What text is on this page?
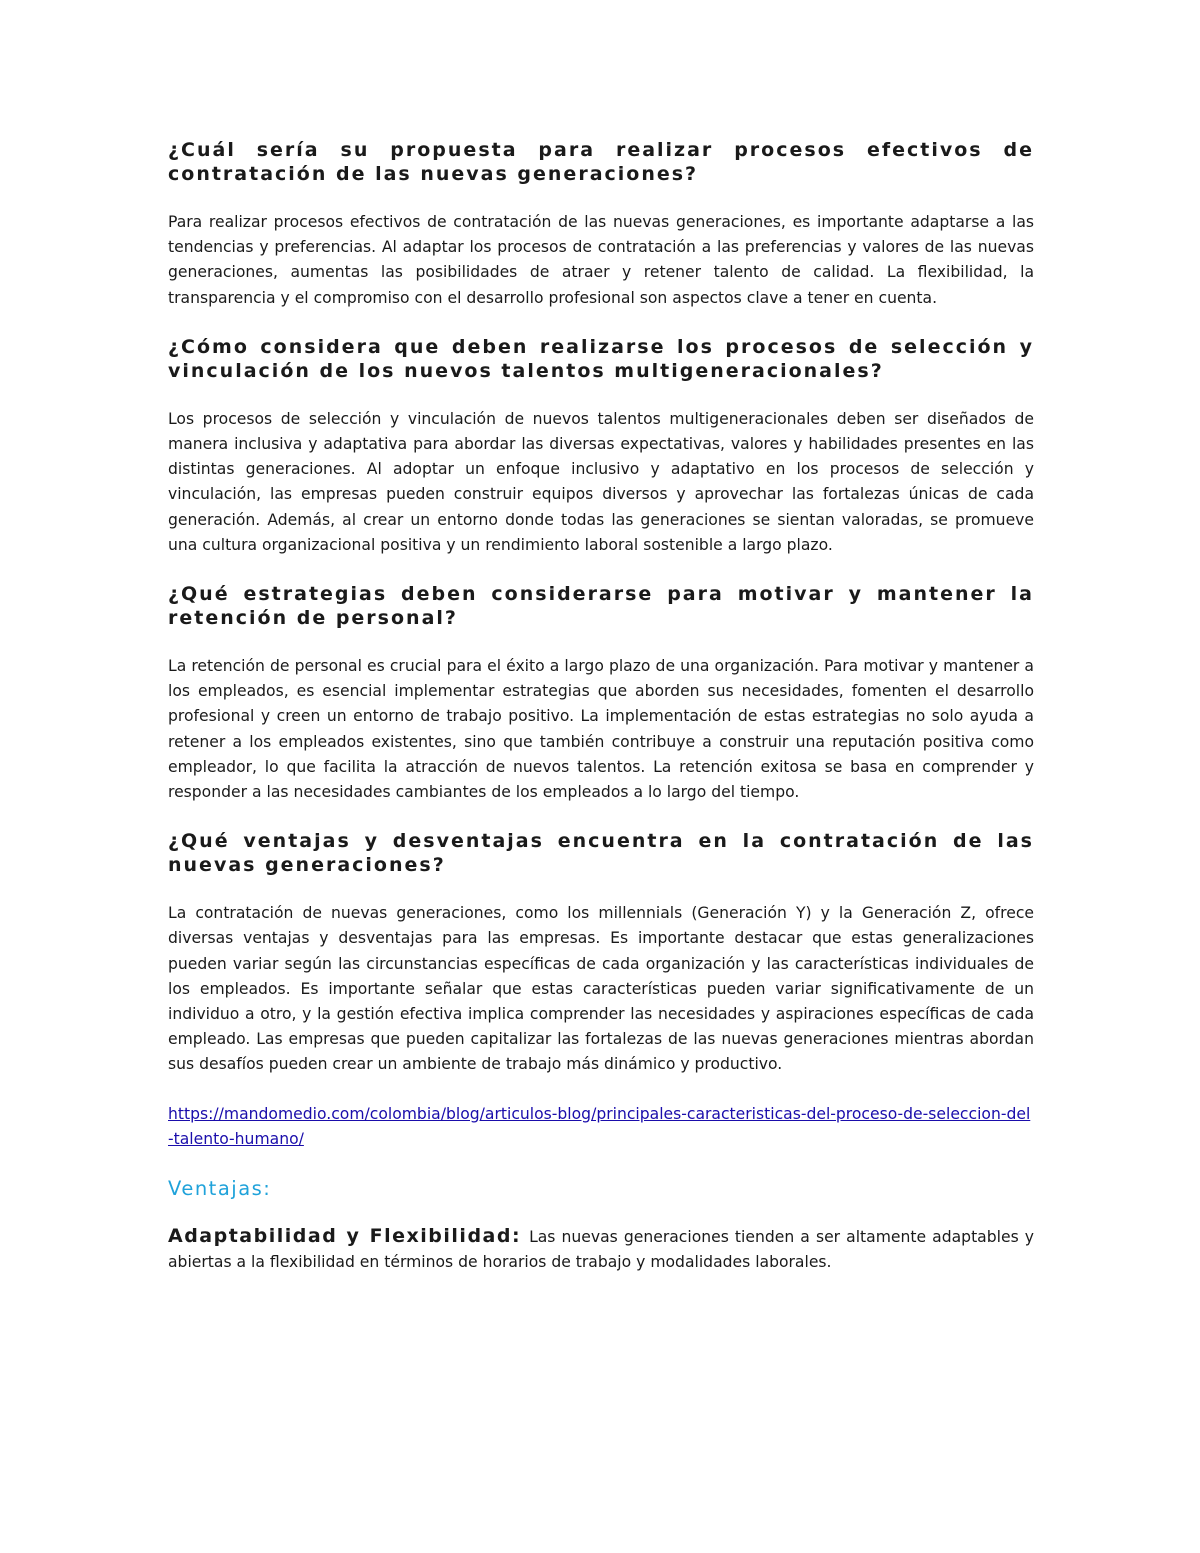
¿Cuál sería su propuesta para realizar procesos efectivos de contratación de las nuevas generaciones?

Para realizar procesos efectivos de contratación de las nuevas generaciones, es importante adaptarse a las tendencias y preferencias. Al adaptar los procesos de contratación a las preferencias y valores de las nuevas generaciones, aumentas las posibilidades de atraer y retener talento de calidad. La flexibilidad, la transparencia y el compromiso con el desarrollo profesional son aspectos clave a tener en cuenta.

¿Cómo considera que deben realizarse los procesos de selección y vinculación de los nuevos talentos multigeneracionales?

Los procesos de selección y vinculación de nuevos talentos multigeneracionales deben ser diseñados de manera inclusiva y adaptativa para abordar las diversas expectativas, valores y habilidades presentes en las distintas generaciones. Al adoptar un enfoque inclusivo y adaptativo en los procesos de selección y vinculación, las empresas pueden construir equipos diversos y aprovechar las fortalezas únicas de cada generación. Además, al crear un entorno donde todas las generaciones se sientan valoradas, se promueve una cultura organizacional positiva y un rendimiento laboral sostenible a largo plazo.

¿Qué estrategias deben considerarse para motivar y mantener la retención de personal?

La retención de personal es crucial para el éxito a largo plazo de una organización. Para motivar y mantener a los empleados, es esencial implementar estrategias que aborden sus necesidades, fomenten el desarrollo profesional y creen un entorno de trabajo positivo. La implementación de estas estrategias no solo ayuda a retener a los empleados existentes, sino que también contribuye a construir una reputación positiva como empleador, lo que facilita la atracción de nuevos talentos. La retención exitosa se basa en comprender y responder a las necesidades cambiantes de los empleados a lo largo del tiempo.

¿Qué ventajas y desventajas encuentra en la contratación de las nuevas generaciones?

La contratación de nuevas generaciones, como los millennials (Generación Y) y la Generación Z, ofrece diversas ventajas y desventajas para las empresas. Es importante destacar que estas generalizaciones pueden variar según las circunstancias específicas de cada organización y las características individuales de los empleados. Es importante señalar que estas características pueden variar significativamente de un individuo a otro, y la gestión efectiva implica comprender las necesidades y aspiraciones específicas de cada empleado. Las empresas que pueden capitalizar las fortalezas de las nuevas generaciones mientras abordan sus desafíos pueden crear un ambiente de trabajo más dinámico y productivo.

https://mandomedio.com/colombia/blog/articulos-blog/principales-caracteristicas-del-proceso-de-seleccion-del-talento-humano/

Ventajas:

Adaptabilidad y Flexibilidad: Las nuevas generaciones tienden a ser altamente adaptables y abiertas a la flexibilidad en términos de horarios de trabajo y modalidades laborales.
